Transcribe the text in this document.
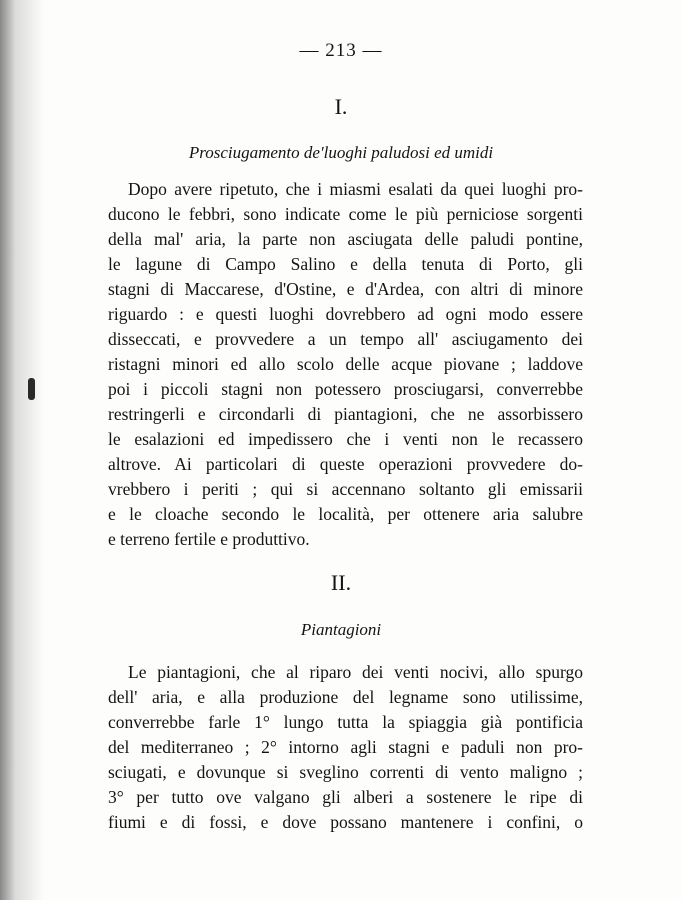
— 213 —
I.
Prosciugamento de'luoghi paludosi ed umidi
Dopo avere ripetuto, che i miasmi esalati da quei luoghi pro-
ducono le febbri, sono indicate come le più perniciose sorgenti
della mal' aria, la parte non asciugata delle paludi pontine,
le lagune di Campo Salino e della tenuta di Porto, gli
stagni di Maccarese, d'Ostine, e d'Ardea, con altri di minore
riguardo : e questi luoghi dovrebbero ad ogni modo essere
disseccati, e provvedere a un tempo all' asciugamento dei
ristagni minori ed allo scolo delle acque piovane ; laddove
poi i piccoli stagni non potessero prosciugarsi, converrebbe
restringerli e circondarli di piantagioni, che ne assorbissero
le esalazioni ed impedissero che i venti non le recassero
altrove. Ai particolari di queste operazioni provvedere do-
vrebbero i periti ; qui si accennano soltanto gli emissarii
e le cloache secondo le località, per ottenere aria salubre
e terreno fertile e produttivo.
II.
Piantagioni
Le piantagioni, che al riparo dei venti nocivi, allo spurgo
dell' aria, e alla produzione del legname sono utilissime,
converrebbe farle 1° lungo tutta la spiaggia già pontificia
del mediterraneo ; 2° intorno agli stagni e paduli non pro-
sciugati, e dovunque si sveglino correnti di vento maligno ;
3° per tutto ove valgano gli alberi a sostenere le ripe di
fiumi e di fossi, e dove possano mantenere i confini, o
